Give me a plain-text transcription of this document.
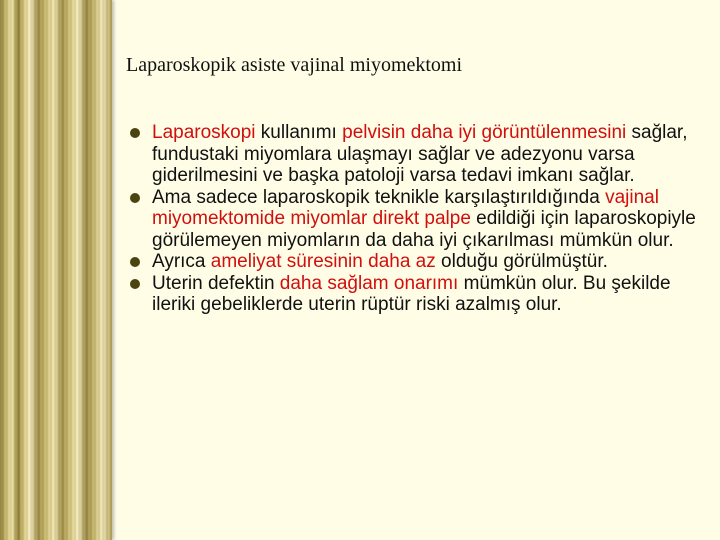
Laparoskopik asiste vajinal miyomektomi
Laparoskopi kullanımı pelvisin daha iyi görüntülenmesini sağlar, fundustaki miyomlara ulaşmayı sağlar ve adezyonu varsa giderilmesini ve başka patoloji varsa tedavi imkanı sağlar.
Ama sadece laparoskopik teknikle karşılaştırıldığında vajinal miyomektomide miyomlar direkt palpe edildiği için laparoskopiyle görülemeyen miyomların da daha iyi çıkarılması mümkün olur.
Ayrıca ameliyat süresinin daha az olduğu görülmüştür.
Uterin defektin daha sağlam onarımı mümkün olur. Bu şekilde ileriki gebeliklerde uterin rüptür riski azalmış olur.
